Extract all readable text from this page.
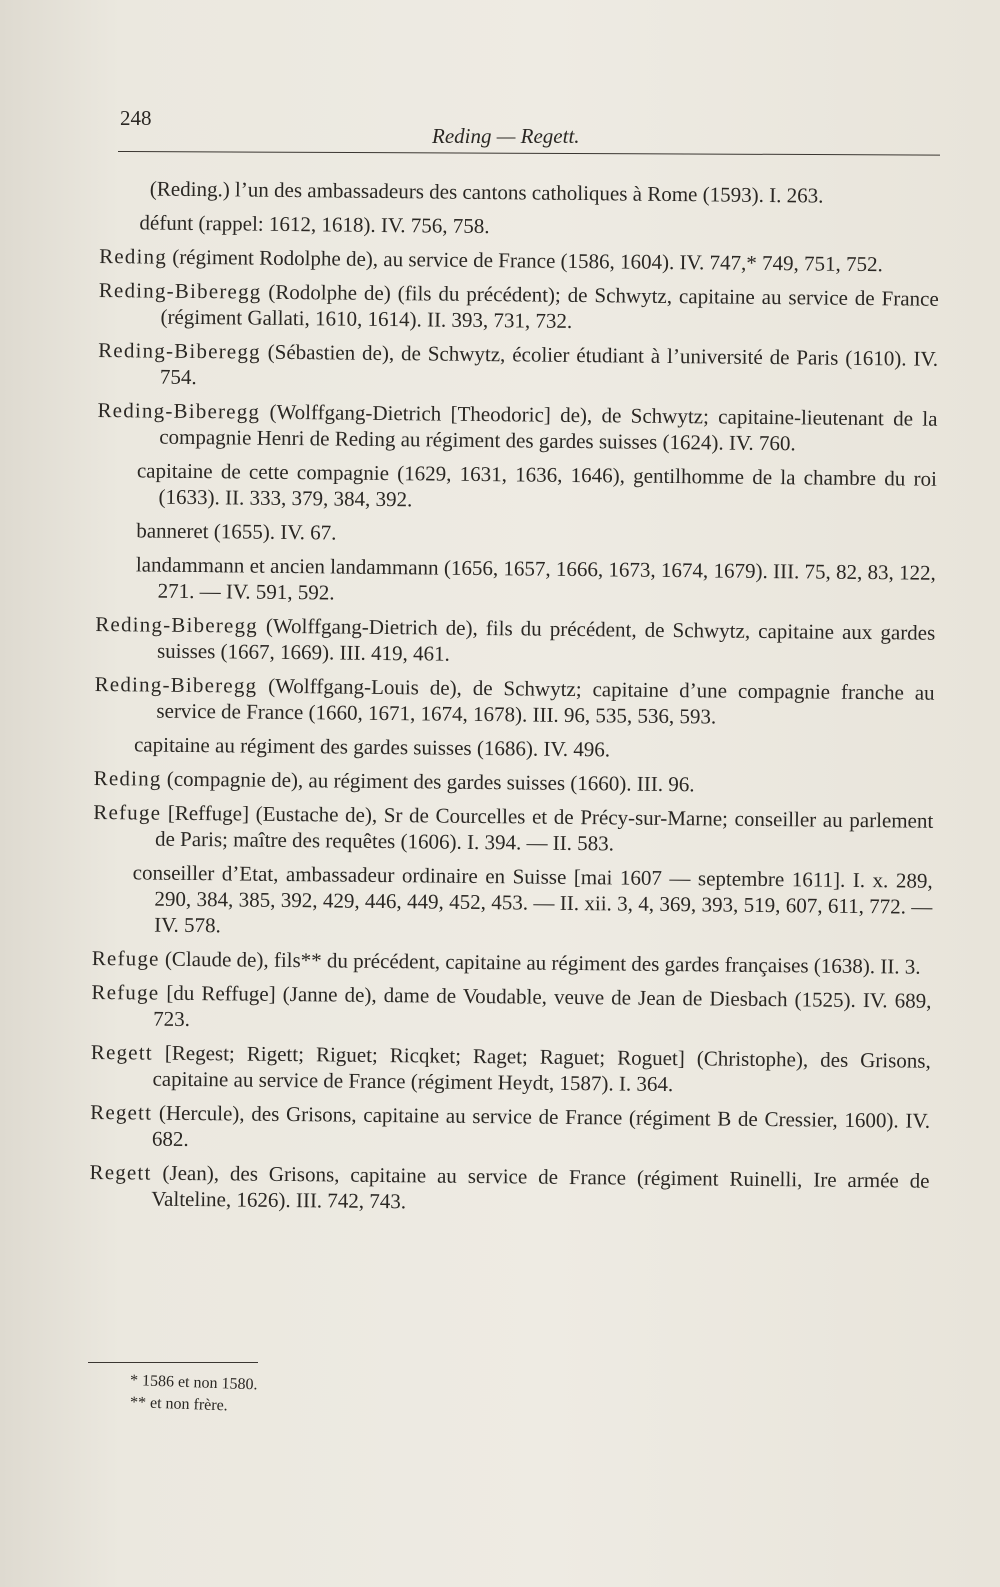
248
Reding — Regett.

(Reding.) l’un des ambassadeurs des cantons catholiques à Rome (1593). I. 263.

défunt (rappel: 1612, 1618). IV. 756, 758.

Reding (régiment Rodolphe de), au service de France (1586, 1604). IV. 747,* 749, 751, 752.

Reding-Biberegg (Rodolphe de) (fils du précédent); de Schwytz, capitaine au service de France (régiment Gallati, 1610, 1614). II. 393, 731, 732.

Reding-Biberegg (Sébastien de), de Schwytz, écolier étudiant à l’université de Paris (1610). IV. 754.

Reding-Biberegg (Wolffgang-Dietrich [Theodoric] de), de Schwytz; capitaine-lieutenant de la compagnie Henri de Reding au régiment des gardes suisses (1624). IV. 760.

capitaine de cette compagnie (1629, 1631, 1636, 1646), gentilhomme de la chambre du roi (1633). II. 333, 379, 384, 392.

banneret (1655). IV. 67.

landammann et ancien landammann (1656, 1657, 1666, 1673, 1674, 1679). III. 75, 82, 83, 122, 271. — IV. 591, 592.

Reding-Biberegg (Wolffgang-Dietrich de), fils du précédent, de Schwytz, capitaine aux gardes suisses (1667, 1669). III. 419, 461.

Reding-Biberegg (Wolffgang-Louis de), de Schwytz; capitaine d’une compagnie franche au service de France (1660, 1671, 1674, 1678). III. 96, 535, 536, 593.

capitaine au régiment des gardes suisses (1686). IV. 496.

Reding (compagnie de), au régiment des gardes suisses (1660). III. 96.

Refuge [Reffuge] (Eustache de), Sr de Courcelles et de Précy-sur-Marne; conseiller au parlement de Paris; maître des requêtes (1606). I. 394. — II. 583.

conseiller d’Etat, ambassadeur ordinaire en Suisse [mai 1607 — septembre 1611]. I. x. 289, 290, 384, 385, 392, 429, 446, 449, 452, 453. — II. xii. 3, 4, 369, 393, 519, 607, 611, 772. — IV. 578.

Refuge (Claude de), fils** du précédent, capitaine au régiment des gardes françaises (1638). II. 3.

Refuge [du Reffuge] (Janne de), dame de Voudable, veuve de Jean de Diesbach (1525). IV. 689, 723.

Regett [Regest; Rigett; Riguet; Ricqket; Raget; Raguet; Roguet] (Christophe), des Grisons, capitaine au service de France (régiment Heydt, 1587). I. 364.

Regett (Hercule), des Grisons, capitaine au service de France (régiment B de Cressier, 1600). IV. 682.

Regett (Jean), des Grisons, capitaine au service de France (régiment Ruinelli, Ire armée de Valteline, 1626). III. 742, 743.

* 1586 et non 1580.
** et non frère.
